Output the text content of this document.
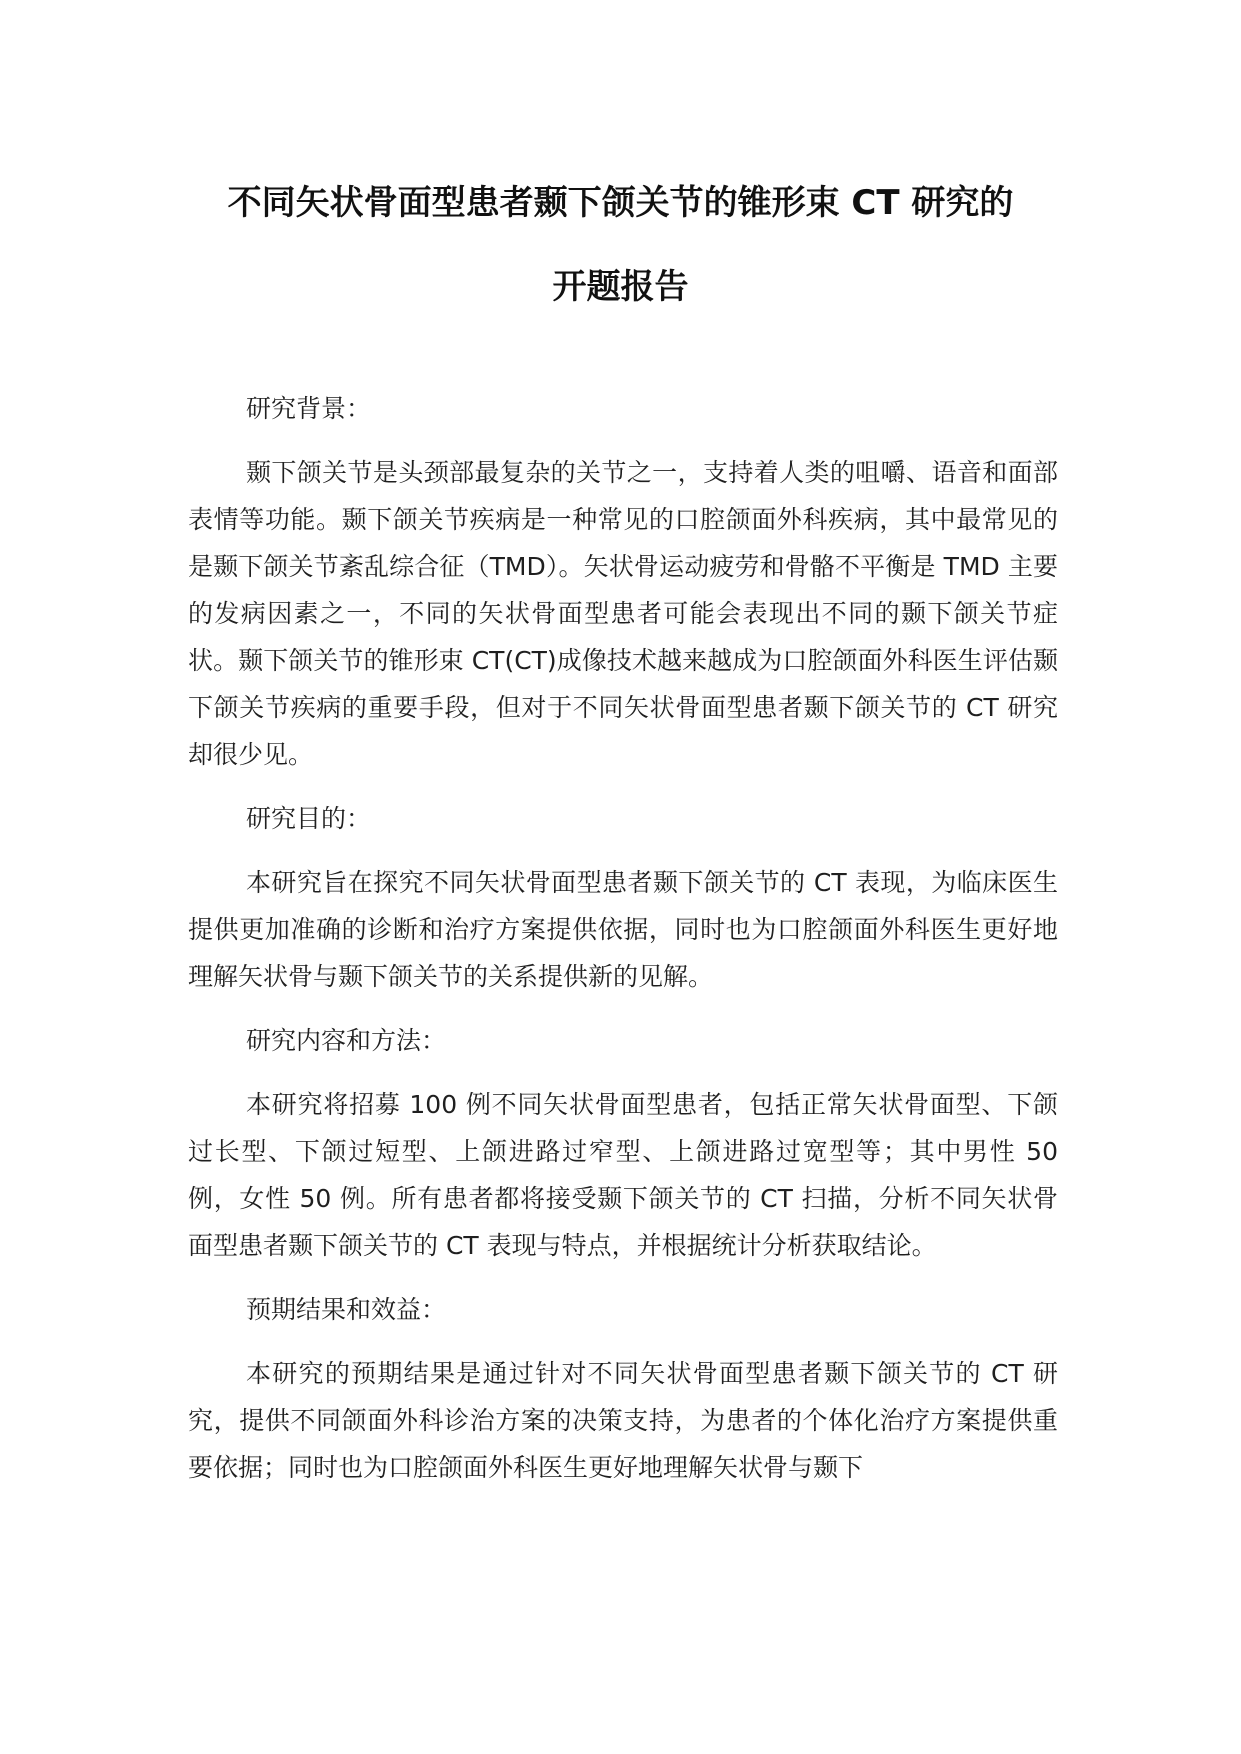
不同矢状骨面型患者颞下颌关节的锥形束 CT 研究的
开题报告

研究背景：

颞下颌关节是头颈部最复杂的关节之一，支持着人类的咀嚼、语音和面部表情等功能。颞下颌关节疾病是一种常见的口腔颌面外科疾病，其中最常见的是颞下颌关节紊乱综合征（TMD）。矢状骨运动疲劳和骨骼不平衡是 TMD 主要的发病因素之一，不同的矢状骨面型患者可能会表现出不同的颞下颌关节症状。颞下颌关节的锥形束 CT(CT)成像技术越来越成为口腔颌面外科医生评估颞下颌关节疾病的重要手段，但对于不同矢状骨面型患者颞下颌关节的 CT 研究却很少见。

研究目的：

本研究旨在探究不同矢状骨面型患者颞下颌关节的 CT 表现，为临床医生提供更加准确的诊断和治疗方案提供依据，同时也为口腔颌面外科医生更好地理解矢状骨与颞下颌关节的关系提供新的见解。

研究内容和方法：

本研究将招募 100 例不同矢状骨面型患者，包括正常矢状骨面型、下颌过长型、下颌过短型、上颌进路过窄型、上颌进路过宽型等；其中男性 50 例，女性 50 例。所有患者都将接受颞下颌关节的 CT 扫描，分析不同矢状骨面型患者颞下颌关节的 CT 表现与特点，并根据统计分析获取结论。

预期结果和效益：

本研究的预期结果是通过针对不同矢状骨面型患者颞下颌关节的 CT 研究，提供不同颌面外科诊治方案的决策支持，为患者的个体化治疗方案提供重要依据；同时也为口腔颌面外科医生更好地理解矢状骨与颞下
